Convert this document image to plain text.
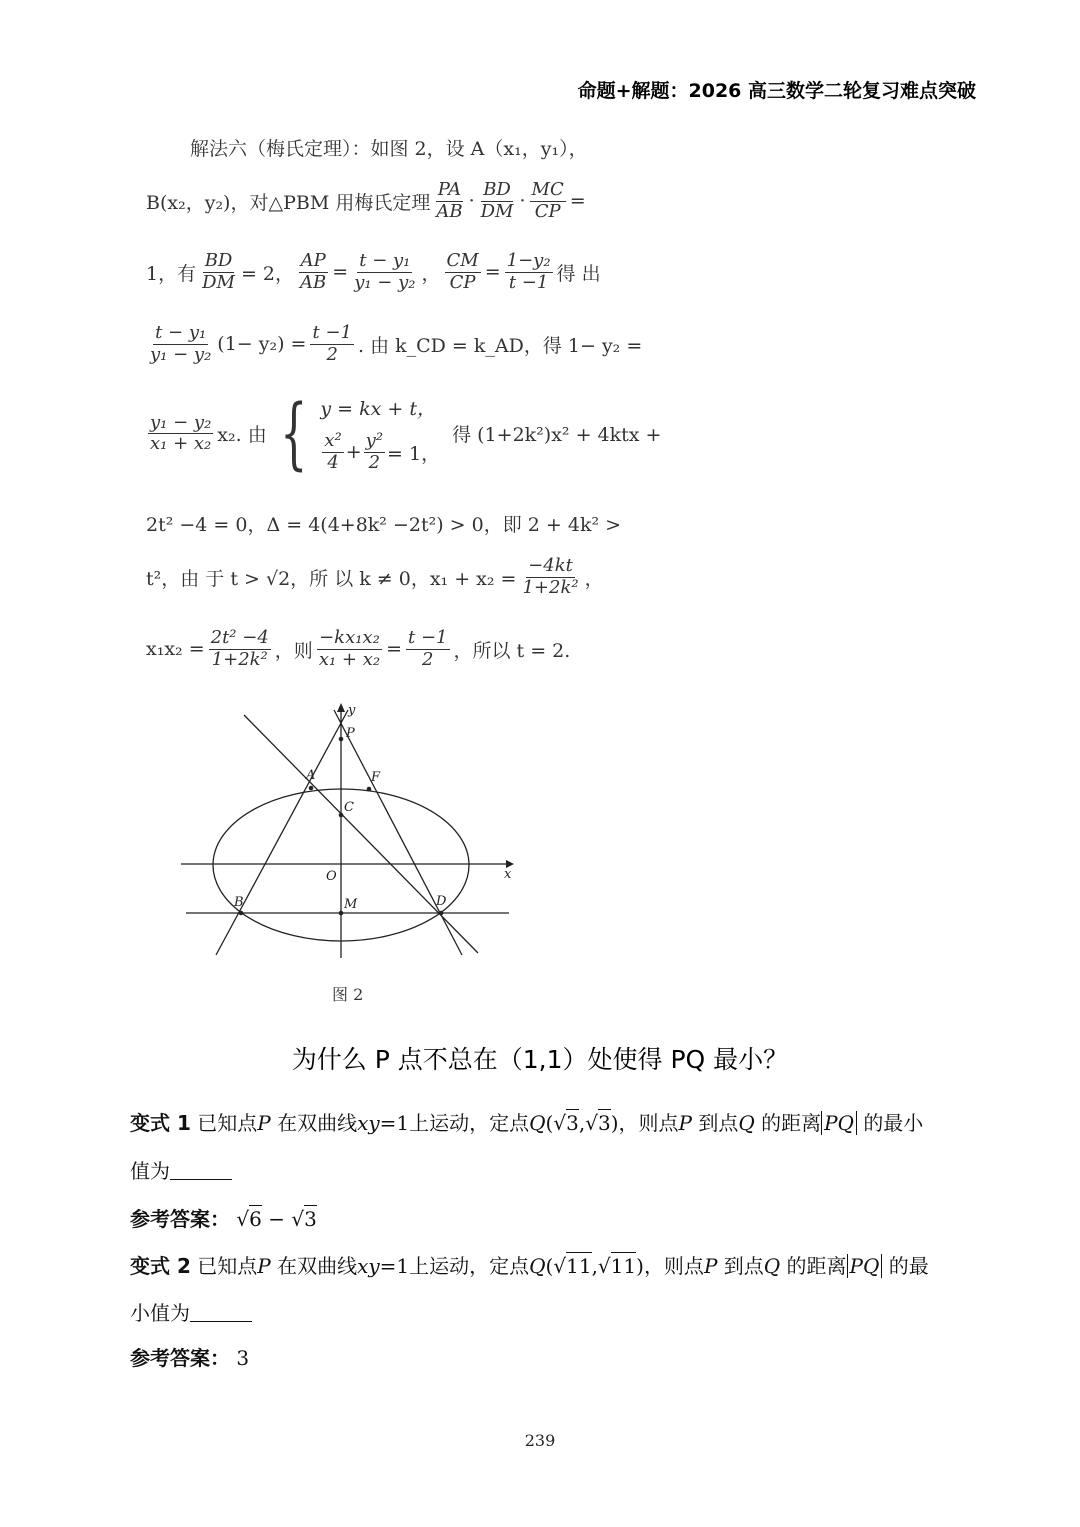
命题+解题：2026 高三数学二轮复习难点突破
解法六（梅氏定理）：如图 2，设 A（x₁，y₁），
B(x₂，y₂)，对△PBM 用梅氏定理 $\frac{PA}{AB} \cdot \frac{BD}{DM} \cdot \frac{MC}{CP}$ =
1，有 $\frac{BD}{DM} = 2$， $\frac{AP}{AB} = \frac{\text{t − y₁}}{\text{y₁ − y₂}}$ ， $\frac{CM}{CP} = \frac{\text{1−y₂}}{t -1}$ 得 出
$\frac{\text{t − y₁}}{\text{y₁ − y₂}} (1- y_2) = \frac{t -1}{2}$ . 由 k_CD = k_AD，得 1− y₂ =
$\frac{\text{y₁ − y₂}}{\text{x₁ + x₂}} x_2$. 由 { y = kx + t，
$\frac{\text{x²}}{4} + \frac{\text{y²}}{2} = 1$，
得 (1+2k²)x² + 4ktx +
2t² −4 = 0，Δ = 4(4+8k² −2t²) > 0，即 2 + 4k² >
t²，由 于 t > √2，所 以 k ≠ 0，$x_1 + x_2 = \frac{-4kt}{\text{1+2k²}}$ ，
$x_1x_2 = \frac{\text{2t² −4}}{\text{1+2k²}}$ ，则 $\frac{\text{−kx₁x₂}}{\text{x₁ + x₂}} = \frac{t -1}{2}$ ，所以 t = 2.
y
P
A	F
C
O	x
B	M	D
图 2
为什么 P 点不总在（1,1）处使得 PQ 最小？
变式 1 已知点P 在双曲线xy=1上运动，定点Q(√3,√3)，则点P 到点Q 的距离 PQ 的最小
值为
参考答案： √6 − √3
变式 2 已知点P 在双曲线xy=1上运动，定点Q(√11,√11)，则点P 到点Q 的距离 PQ 的最
小值为
参考答案： 3
239
